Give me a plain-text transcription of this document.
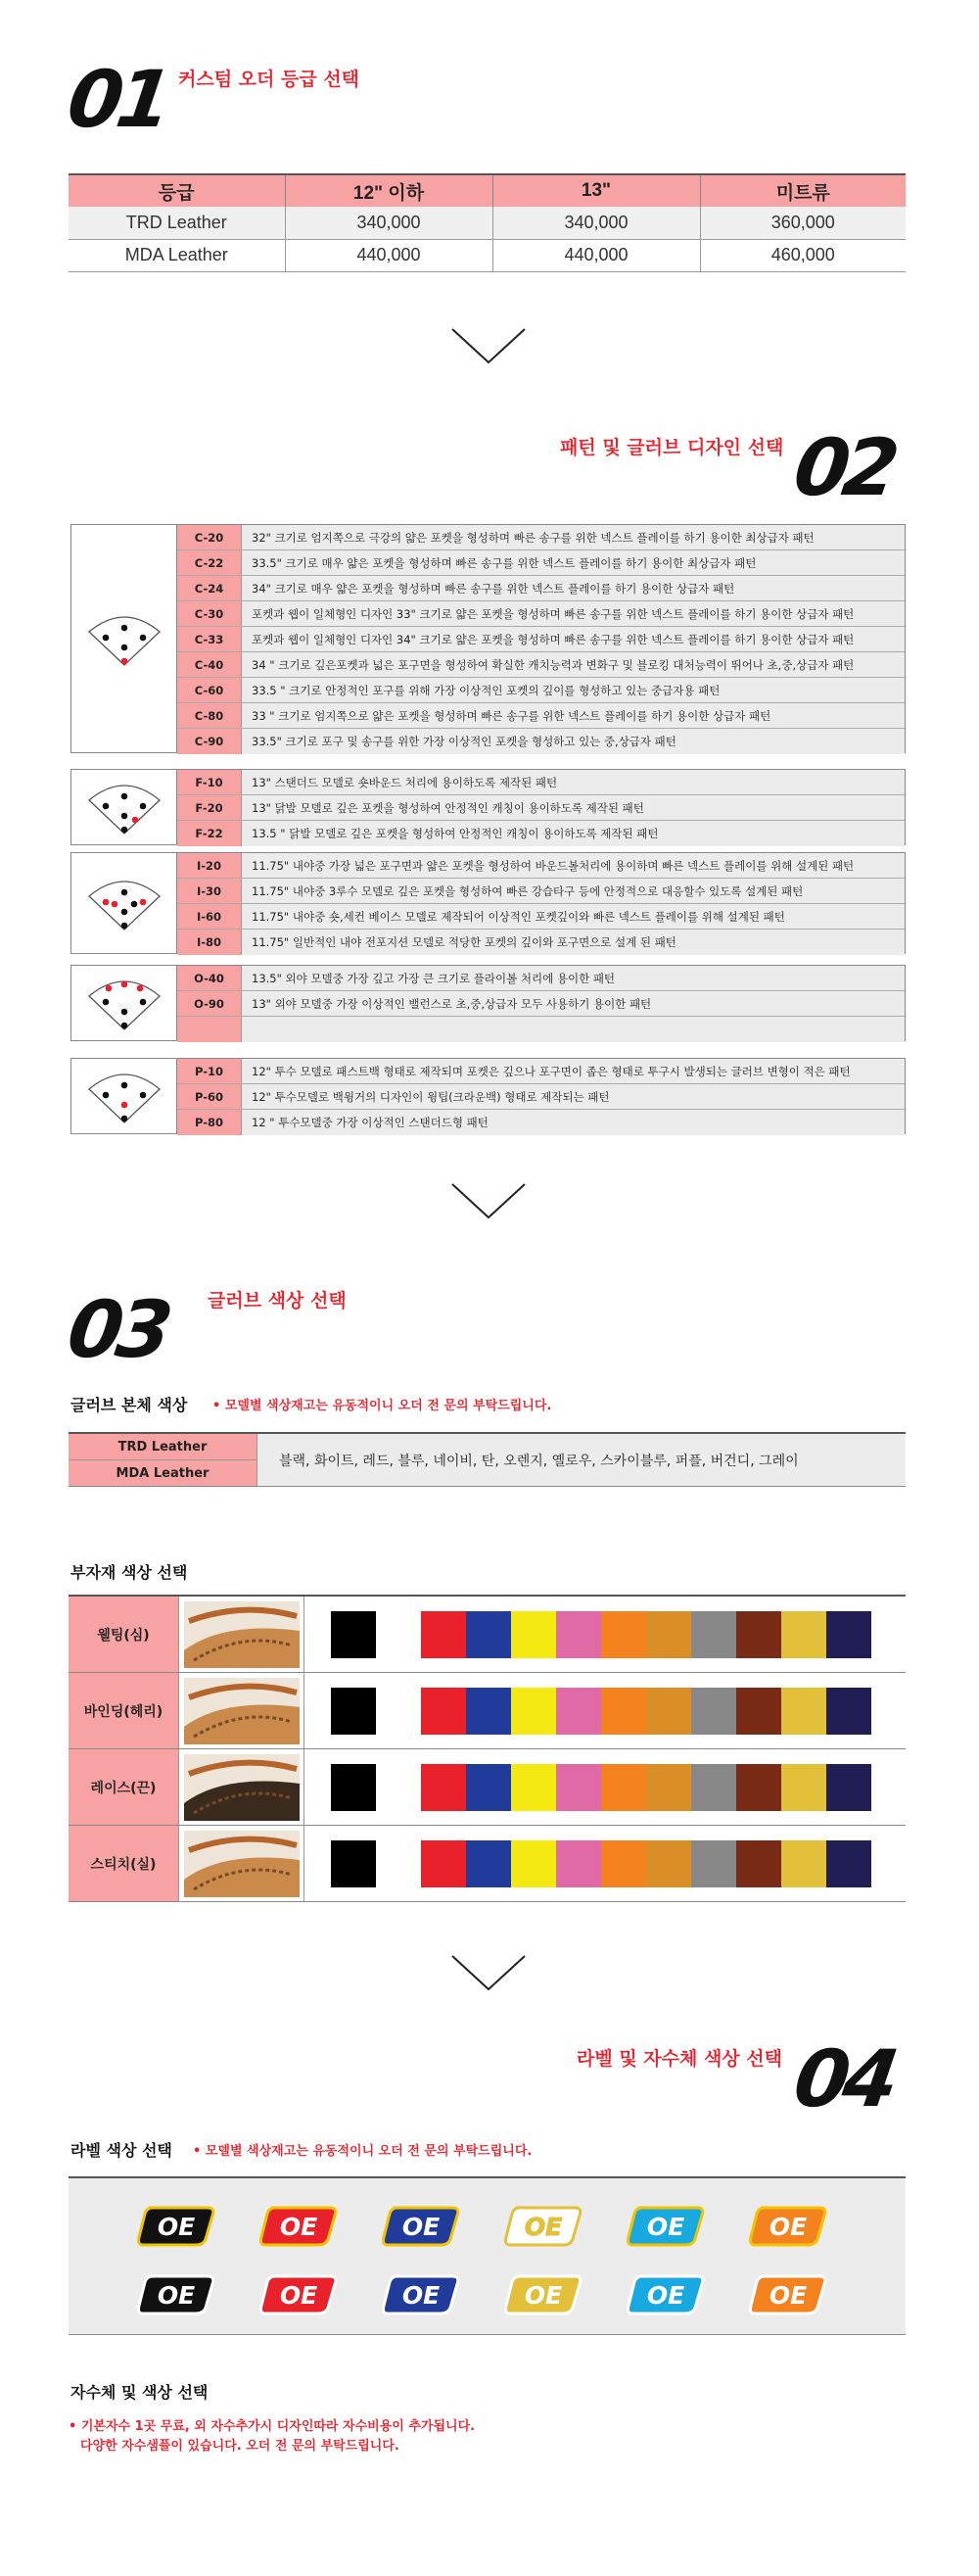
01 커스텀 오더 등급 선택
등급	12" 이하	13"	미트류
TRD Leather	340,000	340,000	360,000
MDA Leather	440,000	440,000	460,000
패턴 및 글러브 디자인 선택 02
C-20	32" 크기로 엄지쪽으로 극강의 얇은 포켓을 형성하며 빠른 송구를 위한 넥스트 플레이를 하기 용이한 최상급자 패턴
C-22	33.5" 크기로 매우 얇은 포켓을 형성하며 빠른 송구를 위한 넥스트 플레이를 하기 용이한 최상급자 패턴
C-24	34" 크기로 매우 얇은 포켓을 형성하며 빠른 송구를 위한 넥스트 플레이를 하기 용이한 상급자 패턴
C-30	포켓과 웹이 일체형인 디자인 33" 크기로 얇은 포켓을 형성하며 빠른 송구를 위한 넥스트 플레이를 하기 용이한 상급자 패턴
C-33	포켓과 웹이 일체형인 디자인 34" 크기로 얇은 포켓을 형성하며 빠른 송구를 위한 넥스트 플레이를 하기 용이한 상급자 패턴
C-40	34 " 크기로 깊은포켓과 넓은 포구면을 형성하여 확실한 캐치능력과 변화구 및 블로킹 대처능력이 뛰어나 초,중,상급자 패턴
C-60	33.5 " 크기로 안정적인 포구를 위해 가장 이상적인 포켓의 깊이를 형성하고 있는 중급자용 패턴
C-80	33 " 크기로 엄지쪽으로 얇은 포켓을 형성하며 빠른 송구를 위한 넥스트 플레이를 하기 용이한 상급자 패턴
C-90	33.5" 크기로 포구 및 송구를 위한 가장 이상적인 포켓을 형성하고 있는 중,상급자 패턴
F-10	13" 스탠더드 모델로 숏바운드 처리에 용이하도록 제작된 패턴
F-20	13" 닭발 모델로 깊은 포켓을 형성하여 안정적인 캐칭이 용이하도록 제작된 패턴
F-22	13.5 " 닭발 모델로 깊은 포켓을 형성하여 안정적인 캐칭이 용이하도록 제작된 패턴
I-20	11.75" 내야중 가장 넓은 포구면과 얇은 포켓을 형성하여 바운드볼처리에 용이하며 빠른 넥스트 플레이를 위해 설계된 패턴
I-30	11.75" 내야중 3루수 모델로 깊은 포켓을 형성하여 빠른 강습타구 등에 안정적으로 대응할수 있도록 설계된 패턴
I-60	11.75" 내야중 숏,세컨 베이스 모델로 제작되어 이상적인 포켓깊이와 빠른 넥스트 플레이를 위해 설계된 패턴
I-80	11.75" 일반적인 내야 전포지션 모델로 적당한 포켓의 깊이와 포구면으로 설계 된 패턴
O-40	13.5" 외야 모델중 가장 깊고 가장 큰 크기로 플라이볼 처리에 용이한 패턴
O-90	13" 외야 모델중 가장 이상적인 밸런스로 초,중,상급자 모두 사용하기 용이한 패턴
P-10	12" 투수 모델로 패스트백 형태로 제작되며 포켓은 깊으나 포구면이 좁은 형태로 투구시 발생되는 글러브 변형이 적은 패턴
P-60	12" 투수모델로 백윙거의 디자인이 윙팁(크라운백) 형태로 제작되는 패턴
P-80	12 " 투수모델중 가장 이상적인 스탠더드형 패턴
03 글러브 색상 선택
글러브 본체 색상 • 모델별 색상재고는 유동적이니 오더 전 문의 부탁드립니다.
TRD Leather
MDA Leather
블랙, 화이트, 레드, 블루, 네이비, 탄, 오렌지, 옐로우, 스카이블루, 퍼플, 버건디, 그레이
부자재 색상 선택
웰팅(심)
바인딩(헤리)
레이스(끈)
스티치(실)
라벨 및 자수체 색상 선택 04
라벨 색상 선택 • 모델별 색상재고는 유동적이니 오더 전 문의 부탁드립니다.
OE	OE	OE	OE	OE	OE
OE	OE	OE	OE	OE	OE
자수체 및 색상 선택
• 기본자수 1곳 무료, 외 자수추가시 디자인따라 자수비용이 추가됩니다.
다양한 자수샘플이 있습니다. 오더 전 문의 부탁드립니다.
